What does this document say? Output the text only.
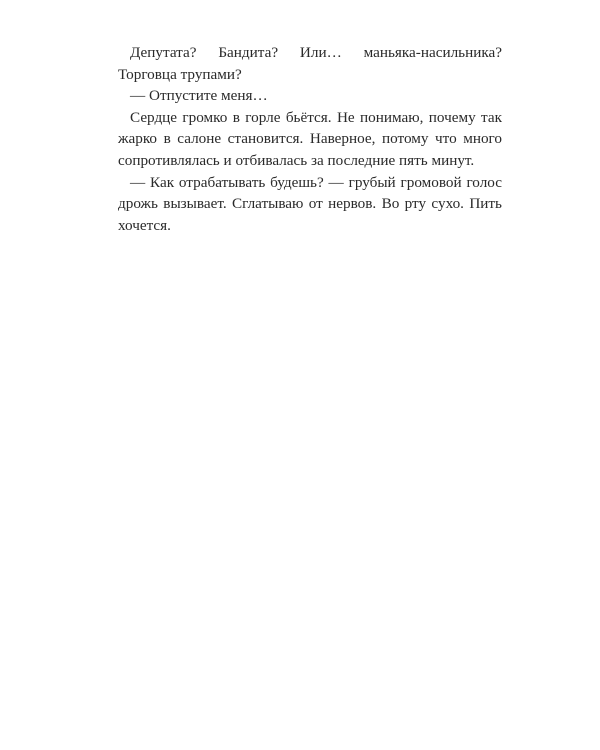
Депутата? Бандита? Или… маньяка-насильника? Торговца трупами?

— Отпустите меня…

Сердце громко в горле бьётся. Не понимаю, почему так жарко в салоне становится. Наверное, потому что много сопротивлялась и отбивалась за последние пять минут.

— Как отрабатывать будешь? — грубый громовой голос дрожь вызывает. Сглатываю от нервов. Во рту сухо. Пить хочется.
